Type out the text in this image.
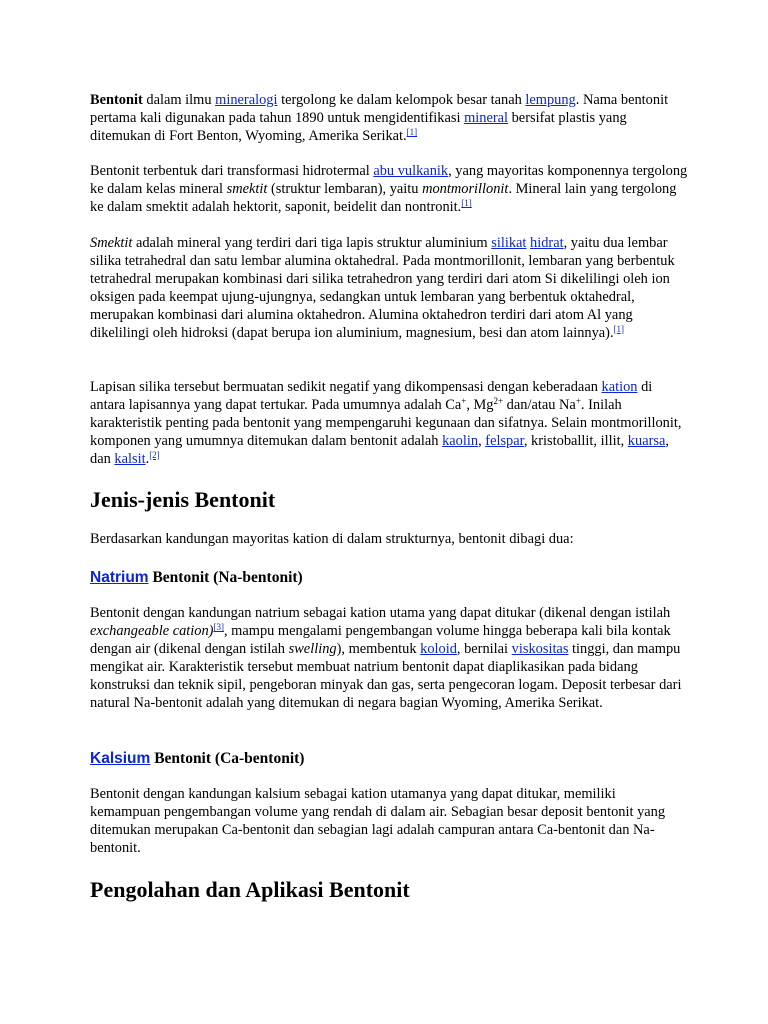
Bentonit dalam ilmu mineralogi tergolong ke dalam kelompok besar tanah lempung. Nama bentonit pertama kali digunakan pada tahun 1890 untuk mengidentifikasi mineral bersifat plastis yang ditemukan di Fort Benton, Wyoming, Amerika Serikat.[1]

Bentonit terbentuk dari transformasi hidrotermal abu vulkanik, yang mayoritas komponennya tergolong ke dalam kelas mineral smektit (struktur lembaran), yaitu montmorillonit. Mineral lain yang tergolong ke dalam smektit adalah hektorit, saponit, beidelit dan nontronit.[1]

Smektit adalah mineral yang terdiri dari tiga lapis struktur aluminium silikat hidrat, yaitu dua lembar silika tetrahedral dan satu lembar alumina oktahedral. Pada montmorillonit, lembaran yang berbentuk tetrahedral merupakan kombinasi dari silika tetrahedron yang terdiri dari atom Si dikelilingi oleh ion oksigen pada keempat ujung-ujungnya, sedangkan untuk lembaran yang berbentuk oktahedral, merupakan kombinasi dari alumina oktahedron. Alumina oktahedron terdiri dari atom Al yang dikelilingi oleh hidroksi (dapat berupa ion aluminium, magnesium, besi dan atom lainnya).[1]

Lapisan silika tersebut bermuatan sedikit negatif yang dikompensasi dengan keberadaan kation di antara lapisannya yang dapat tertukar. Pada umumnya adalah Ca+, $Mg^{2+}$ dan/atau Na+. Inilah karakteristik penting pada bentonit yang mempengaruhi kegunaan dan sifatnya. Selain montmorillonit, komponen yang umumnya ditemukan dalam bentonit adalah kaolin, felspar, kristoballit, illit, kuarsa, dan kalsit.[2]

Jenis-jenis Bentonit

Berdasarkan kandungan mayoritas kation di dalam strukturnya, bentonit dibagi dua:

Natrium Bentonit (Na-bentonit)

Bentonit dengan kandungan natrium sebagai kation utama yang dapat ditukar (dikenal dengan istilah exchangeable cation)[3], mampu mengalami pengembangan volume hingga beberapa kali bila kontak dengan air (dikenal dengan istilah swelling), membentuk koloid, bernilai viskositas tinggi, dan mampu mengikat air. Karakteristik tersebut membuat natrium bentonit dapat diaplikasikan pada bidang konstruksi dan teknik sipil, pengeboran minyak dan gas, serta pengecoran logam. Deposit terbesar dari natural Na-bentonit adalah yang ditemukan di negara bagian Wyoming, Amerika Serikat.

Kalsium Bentonit (Ca-bentonit)

Bentonit dengan kandungan kalsium sebagai kation utamanya yang dapat ditukar, memiliki kemampuan pengembangan volume yang rendah di dalam air. Sebagian besar deposit bentonit yang ditemukan merupakan Ca-bentonit dan sebagian lagi adalah campuran antara Ca-bentonit dan Na-bentonit.

Pengolahan dan Aplikasi Bentonit
